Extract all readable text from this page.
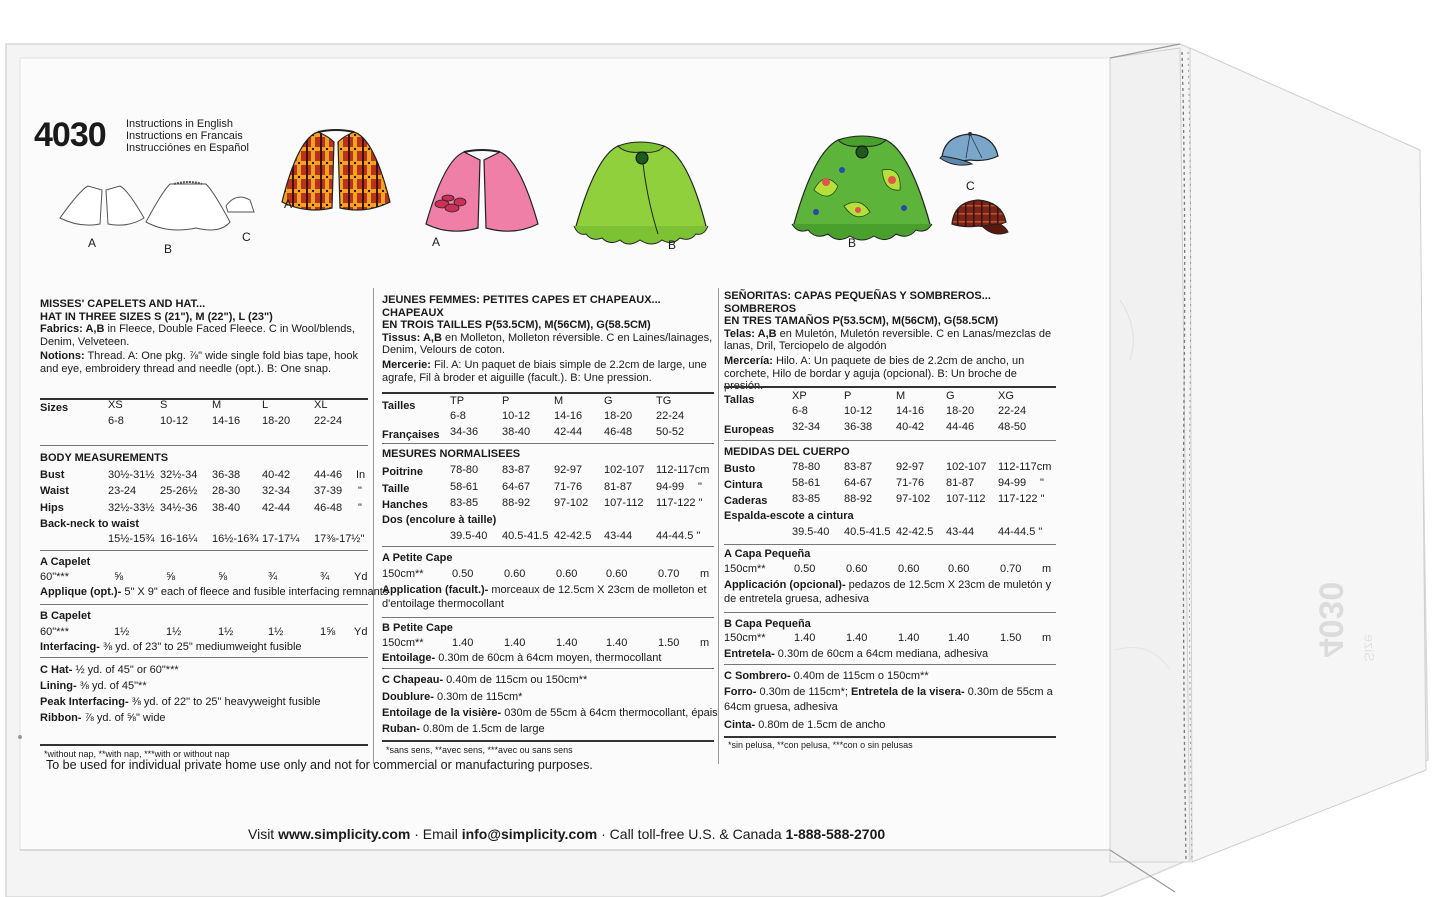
4030 Instructions in English
Instructions en Francais
Instrucciónes en Español
A	B
C
A
A	B	B
C
MISSES' CAPELETS AND HAT...
HAT IN THREE SIZES S (21"), M (22"), L (23")
Fabrics: A,B in Fleece, Double Faced Fleece. C in Wool/blends, Denim, Velveteen.
Notions: Thread. A: One pkg. ⅞" wide single fold bias tape, hook and eye, embroidery thread and needle (opt.). B: One snap.
Sizes	XS	S	M	L	XL
6-8	10-12 14-16 18-20 22-24
BODY MEASUREMENTS
Bust	30½-31½ 32½-34 36-38 40-42 44-46 In
Waist	23-24 25-26½ 28-30 32-34 37-39 "
Hips	32½-33½ 34½-36 38-40 42-44 46-48 "
Back-neck to waist
15½-15¾ 16-16¼ 16½-16¾ 17-17¼ 17⅜-17½"
A Capelet
60"***	⅝	⅝	⅝	¾	¾ Yd
Applique (opt.)- 5" X 9" each of fleece and fusible interfacing remnants
B Capelet
60"***	1½	1½	1½	1½	1⅝ Yd
Interfacing- ⅜ yd. of 23" to 25" mediumweight fusible
C Hat- ½ yd. of 45" or 60"***
Lining- ⅜ yd. of 45"**
Peak Interfacing- ⅜ yd. of 22" to 25" heavyweight fusible
Ribbon- ⅞ yd. of ⅝" wide
*without nap, **with nap, ***with or without nap
JEUNES FEMMES: PETITES CAPES ET CHAPEAUX... CHAPEAUX
EN TROIS TAILLES P(53.5CM), M(56CM), G(58.5CM)
Tissus: A,B en Molleton, Molleton réversible. C en Laines/lainages, Denim, Velours de coton.
Mercerie: Fil. A: Un paquet de biais simple de 2.2cm de large, une agrafe, Fil à broder et aiguille (facult.). B: Une pression.
Tailles	TP	P	M	G	TG
6-8	10-12 14-16 18-20 22-24
Françaises 34-36 38-40 42-44 46-48 50-52
MESURES NORMALISEES
Poitrine 78-80 83-87 92-97 102-107 112-117cm
Taille	58-61 64-67 71-76 81-87 94-99 "
Hanches 83-85 88-92 97-102 107-112 117-122 "
Dos (encolure à taille)
39.5-40 40.5-41.5 42-42.5 43-44 44-44.5 "
A Petite Cape
150cm**	0.50	0.60	0.60	0.60	0.70 m
Application (facult.)- morceaux de 12.5cm X 23cm de molleton et d'entoilage thermocollant
B Petite Cape
150cm**	1.40	1.40	1.40	1.40	1.50 m
Entoilage- 0.30m de 60cm à 64cm moyen, thermocollant
C Chapeau- 0.40m de 115cm ou 150cm**
Doublure- 0.30m de 115cm*
Entoilage de la visière- 030m de 55cm à 64cm thermocollant, épais
Ruban- 0.80m de 1.5cm de large
*sans sens, **avec sens, ***avec ou sans sens
SEÑORITAS: CAPAS PEQUEÑAS Y SOMBREROS... SOMBREROS
EN TRES TAMAÑOS P(53.5CM), M(56CM), G(58.5CM)
Telas: A,B en Muletón, Muletón reversible. C en Lanas/mezclas de lanas, Dril, Terciopelo de algodón
Mercería: Hilo. A: Un paquete de bies de 2.2cm de ancho, un corchete, Hilo de bordar y aguja (opcional). B: Un broche de presión.
Tallas	XP	P	M	G	XG
6-8	10-12 14-16 18-20 22-24
Europeas 32-34 36-38 40-42 44-46 48-50
MEDIDAS DEL CUERPO
Busto	78-80 83-87 92-97 102-107 112-117cm
Cintura	58-61 64-67 71-76 81-87 94-99 "
Caderas 83-85 88-92 97-102 107-112 117-122 "
Espalda-escote a cintura
39.5-40 40.5-41.5 42-42.5 43-44 44-44.5 "
A Capa Pequeña
150cm**	0.50	0.60	0.60	0.60	0.70 m
Applicación (opcional)- pedazos de 12.5cm X 23cm de muletón y de entretela gruesa, adhesiva
B Capa Pequeña
150cm**	1.40	1.40	1.40	1.40	1.50 m
Entretela- 0.30m de 60cm a 64cm mediana, adhesiva
C Sombrero- 0.40m de 115cm o 150cm**
Forro- 0.30m de 115cm*; Entretela de la visera- 0.30m de 55cm a 64cm gruesa, adhesiva
Cinta- 0.80m de 1.5cm de ancho
*sin pelusa, **con pelusa, ***con o sin pelusas
To be used for individual private home use only and not for commercial or manufacturing purposes.
Visit www.simplicity.com · Email info@simplicity.com · Call toll-free U.S. & Canada 1-888-588-2700
4030 Size
